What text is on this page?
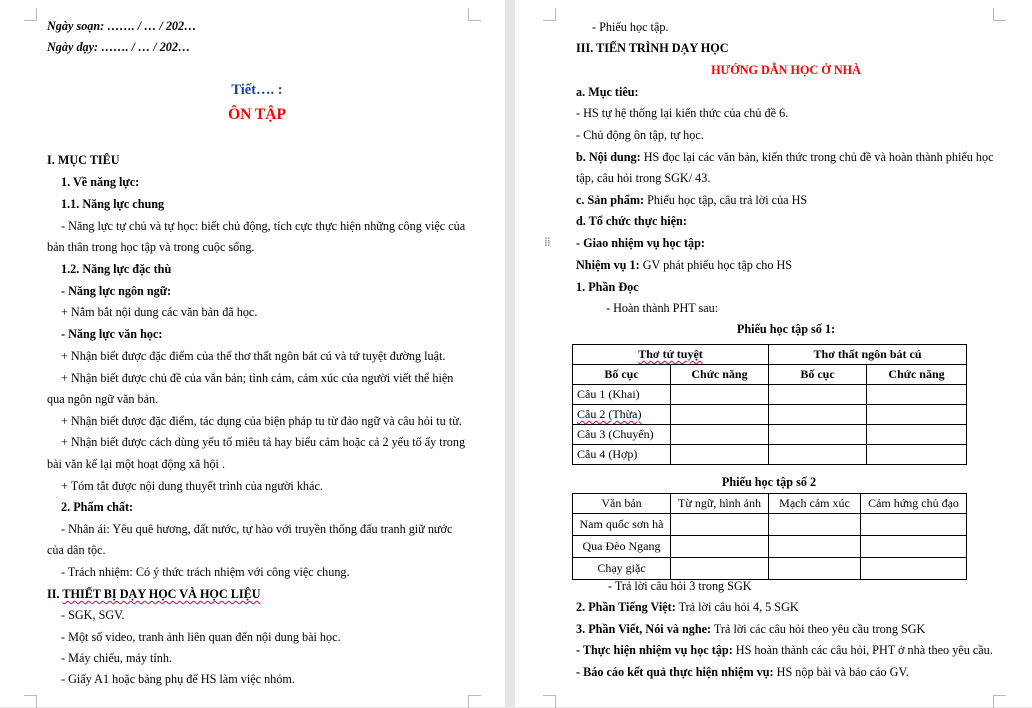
Ngày soạn: ……. / … / 202…
Ngày dạy: ……. / … / 202…
Tiết…. :
ÔN TẬP
I. MỤC TIÊU
1. Về năng lực:
1.1. Năng lực chung
- Năng lực tự chủ và tự học: biết chủ động, tích cực thực hiện những công việc của
bản thân trong học tập và trong cuộc sống.
1.2. Năng lực đặc thù
- Năng lực ngôn ngữ:
+ Nắm bắt nội dung các văn bản đã học.
- Năng lực văn học:
+ Nhận biết được đặc điểm của thể thơ thất ngôn bát cú và tứ tuyệt đường luật.
+ Nhận biết được chủ đề của văn bản; tình cảm, cảm xúc của người viết thể hiện
qua ngôn ngữ văn bản.
+ Nhận biết được đặc điểm, tác dụng của biện pháp tu từ đảo ngữ và câu hỏi tu từ.
+ Nhận biết được cách dùng yếu tố miêu tả hay biểu cảm hoặc cả 2 yếu tố ấy trong
bài văn kể lại một hoạt động xã hội .
+ Tóm tắt được nội dung thuyết trình của người khác.
2. Phẩm chất:
- Nhân ái: Yêu quê hương, đất nước, tự hào với truyền thống đấu tranh giữ nước
của dân tộc.
- Trách nhiệm: Có ý thức trách nhiệm với công việc chung.
II. THIẾT BỊ DẠY HỌC VÀ HỌC LIỆU
- SGK, SGV.
- Một số video, tranh ảnh liên quan đến nội dung bài học.
- Máy chiếu, máy tính.
- Giấy A1 hoặc bảng phụ để HS làm việc nhóm.
- Phiếu học tập.
III. TIẾN TRÌNH DẠY HỌC
HƯỚNG DẪN HỌC Ở NHÀ
a. Mục tiêu:
- HS tự hệ thống lại kiến thức của chủ đề 6.
- Chủ động ôn tập, tự học.
b. Nội dung: HS đọc lại các văn bản, kiến thức trong chủ đề và hoàn thành phiếu học
tập, câu hỏi trong SGK/ 43.
c. Sản phẩm: Phiếu học tập, câu trả lời của HS
d. Tổ chức thực hiện:
- Giao nhiệm vụ học tập:
Nhiệm vụ 1: GV phát phiếu học tập cho HS
1. Phần Đọc
- Hoàn thành PHT sau:
Phiếu học tập số 1:
Thơ tứ tuyệt		Thơ thất ngôn bát cú	
Bố cục	Chức năng	Bố cục	Chức năng
Câu 1 (Khai)			
Câu 2 (Thừa)			
Câu 3 (Chuyển)			
Câu 4 (Hợp)			
Phiếu học tập số 2
Văn bản	Từ ngữ, hình ảnh	Mạch cảm xúc	Cảm hứng chủ đạo
Nam quốc sơn hà			
Qua Đèo Ngang			
Chạy giặc			
- Trả lời câu hỏi 3 trong SGK
2. Phần Tiếng Việt: Trả lời câu hỏi 4, 5 SGK
3. Phần Viết, Nói và nghe: Trả lời các câu hỏi theo yêu cầu trong SGK
- Thực hiện nhiệm vụ học tập: HS hoàn thành các câu hỏi, PHT ở nhà theo yêu cầu.
- Báo cáo kết quả thực hiện nhiệm vụ: HS nộp bài và báo cáo GV.
⁞⁞
